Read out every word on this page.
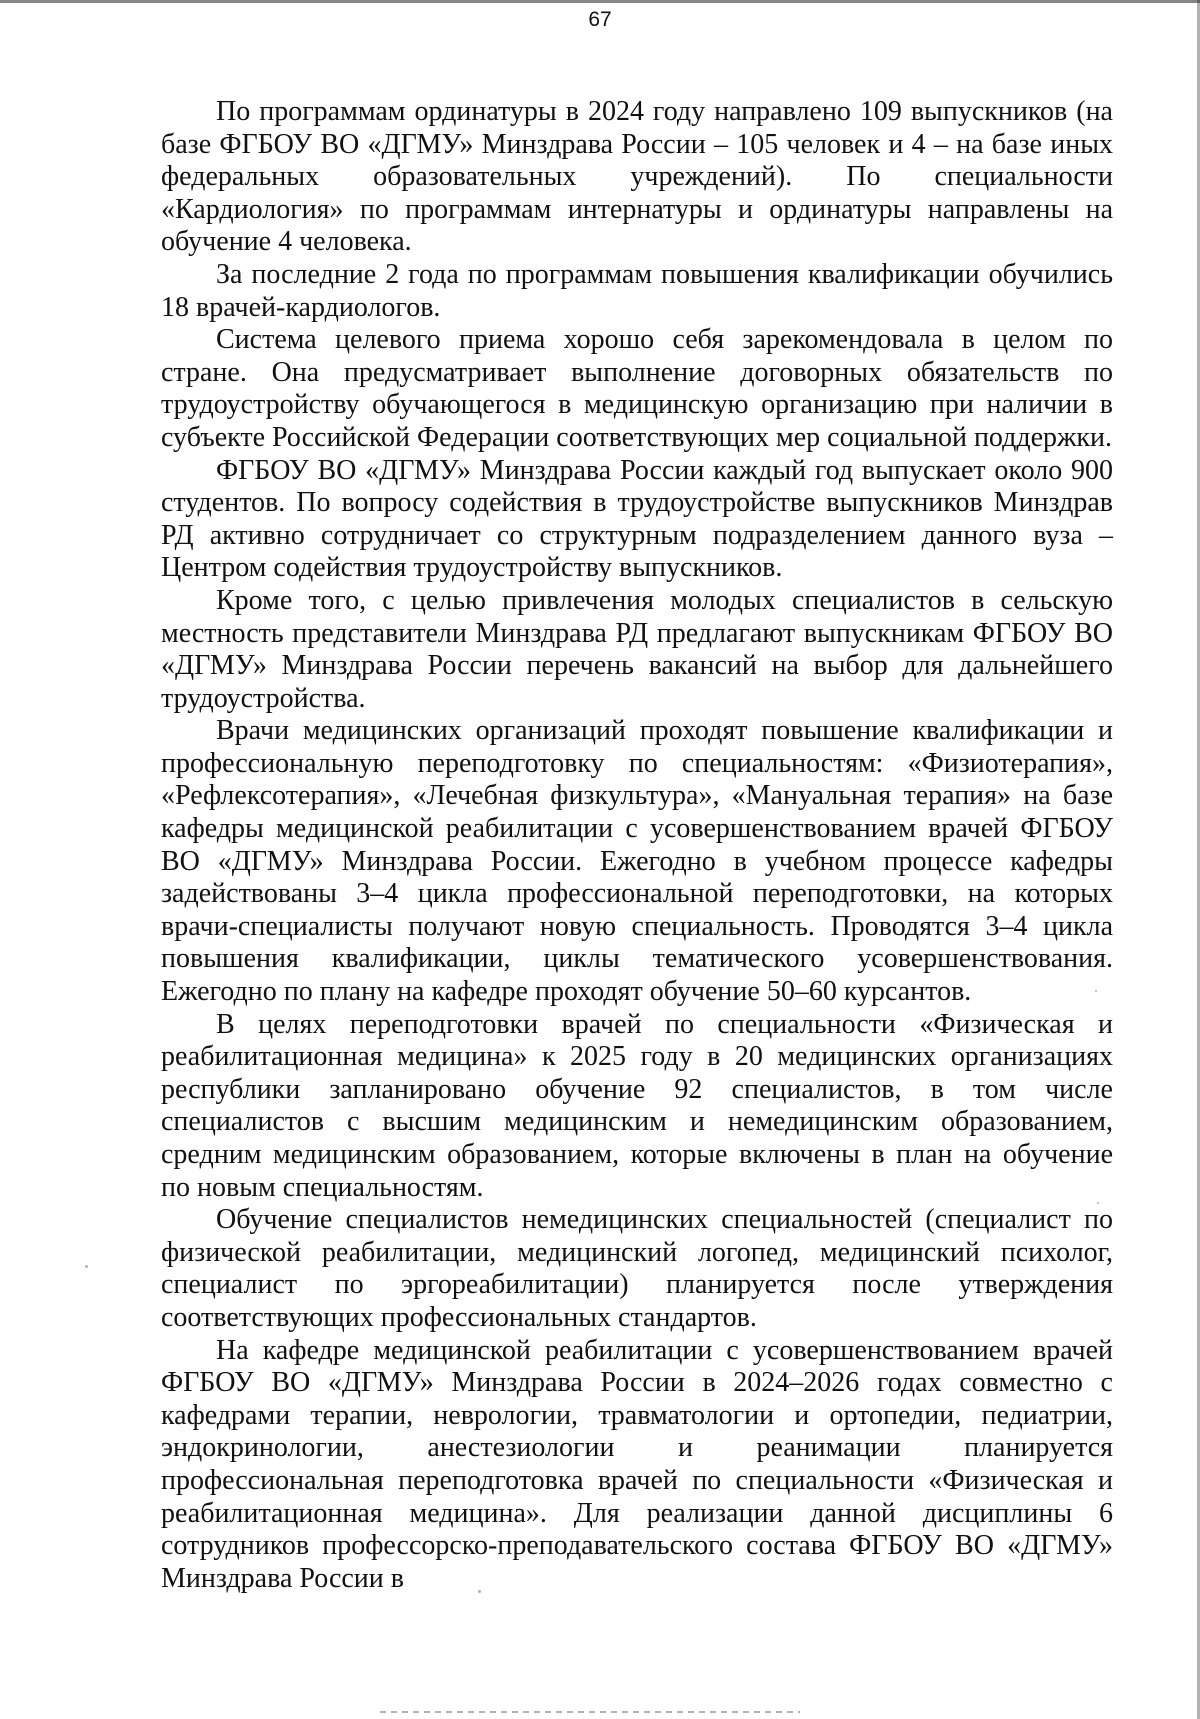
67

По программам ординатуры в 2024 году направлено 109 выпускников (на базе ФГБОУ ВО «ДГМУ» Минздрава России – 105 человек и 4 – на базе иных федеральных образовательных учреждений). По специальности «Кардиология» по программам интернатуры и ординатуры направлены на обучение 4 человека.

За последние 2 года по программам повышения квалификации обучились 18 врачей-кардиологов.

Система целевого приема хорошо себя зарекомендовала в целом по стране. Она предусматривает выполнение договорных обязательств по трудоустройству обучающегося в медицинскую организацию при наличии в субъекте Российской Федерации соответствующих мер социальной поддержки.

ФГБОУ ВО «ДГМУ» Минздрава России каждый год выпускает около 900 студентов. По вопросу содействия в трудоустройстве выпускников Минздрав РД активно сотрудничает со структурным подразделением данного вуза – Центром содействия трудоустройству выпускников.

Кроме того, с целью привлечения молодых специалистов в сельскую местность представители Минздрава РД предлагают выпускникам ФГБОУ ВО «ДГМУ» Минздрава России перечень вакансий на выбор для дальнейшего трудоустройства.

Врачи медицинских организаций проходят повышение квалификации и профессиональную переподготовку по специальностям: «Физиотерапия», «Рефлексотерапия», «Лечебная физкультура», «Мануальная терапия» на базе кафедры медицинской реабилитации с усовершенствованием врачей ФГБОУ ВО «ДГМУ» Минздрава России. Ежегодно в учебном процессе кафедры задействованы 3–4 цикла профессиональной переподготовки, на которых врачи-специалисты получают новую специальность. Проводятся 3–4 цикла повышения квалификации, циклы тематического усовершенствования. Ежегодно по плану на кафедре проходят обучение 50–60 курсантов.

В целях переподготовки врачей по специальности «Физическая и реабилитационная медицина» к 2025 году в 20 медицинских организациях республики запланировано обучение 92 специалистов, в том числе специалистов с высшим медицинским и немедицинским образованием, средним медицинским образованием, которые включены в план на обучение по новым специальностям.

Обучение специалистов немедицинских специальностей (специалист по физической реабилитации, медицинский логопед, медицинский психолог, специалист по эргореабилитации) планируется после утверждения соответствующих профессиональных стандартов.

На кафедре медицинской реабилитации с усовершенствованием врачей ФГБОУ ВО «ДГМУ» Минздрава России в 2024–2026 годах совместно с кафедрами терапии, неврологии, травматологии и ортопедии, педиатрии, эндокринологии, анестезиологии и реанимации планируется профессиональная переподготовка врачей по специальности «Физическая и реабилитационная медицина». Для реализации данной дисциплины 6 сотрудников профессорско-преподавательского состава ФГБОУ ВО «ДГМУ» Минздрава России в
